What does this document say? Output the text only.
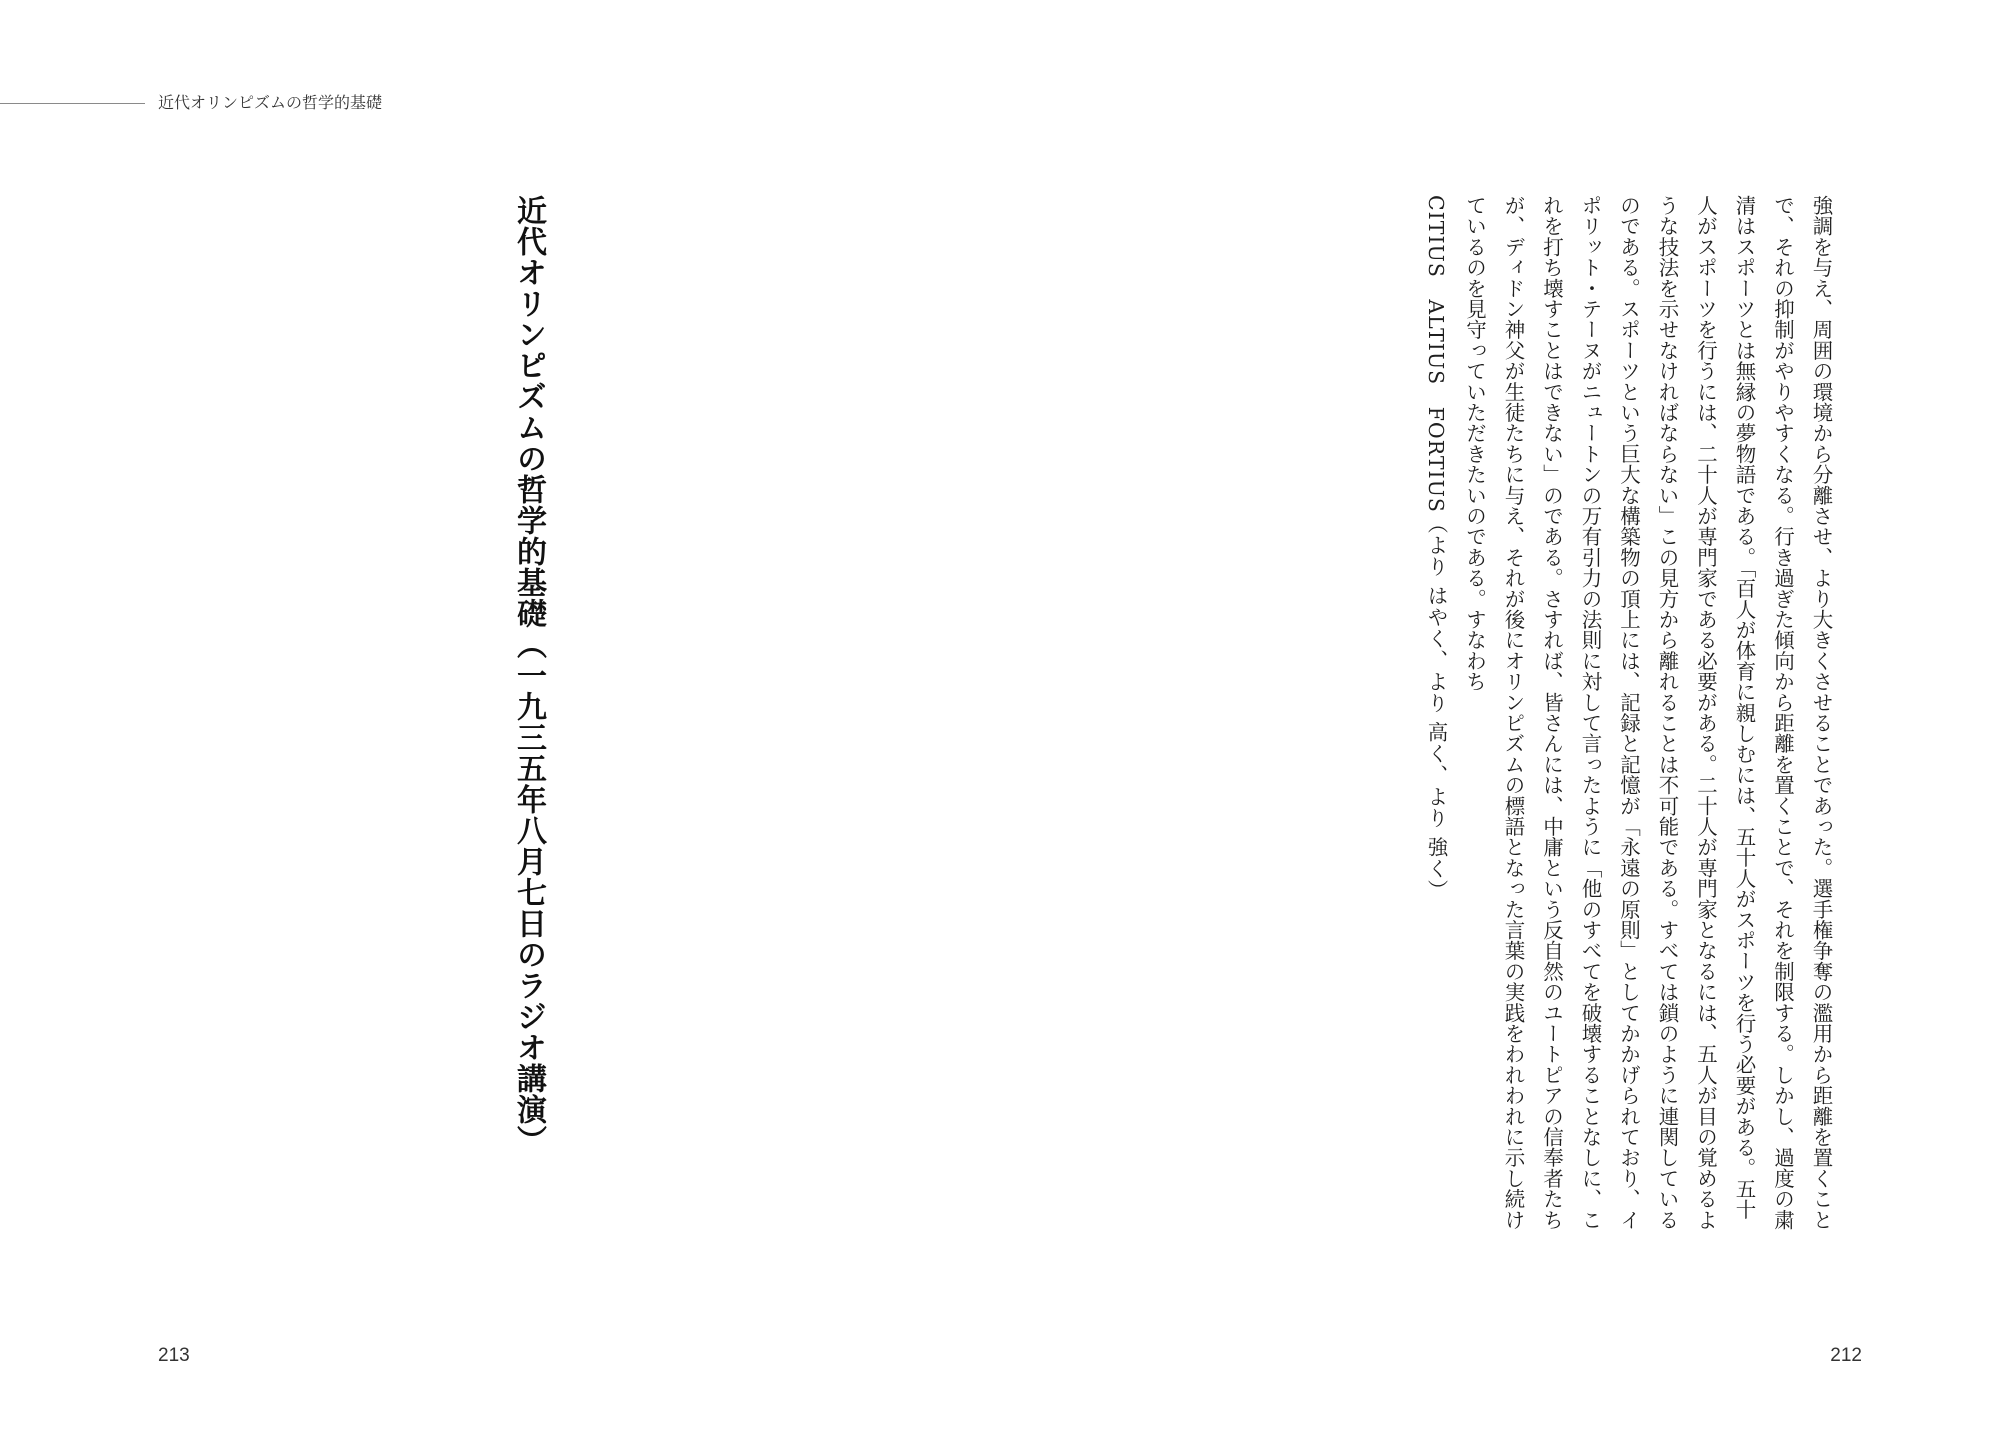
近代オリンピズムの哲学的基礎
近代オリンピズムの哲学的基礎（一九三五年八月七日のラジオ講演）	強調を与え、周囲の環境から分離させ、より大きくさせることであった。選手権争奪の濫用から距離を置くこと
で、それの抑制がやりやすくなる。行き過ぎた傾向から距離を置くことで、それを制限する。しかし、過度の粛
清はスポーツとは無縁の夢物語である。「百人が体育に親しむには、五十人がスポーツを行う必要がある。五十
人がスポーツを行うには、二十人が専門家である必要がある。二十人が専門家となるには、五人が目の覚めるよ
うな技法を示せなければならない」この見方から離れることは不可能である。すべては鎖のように連関している
のである。スポーツという巨大な構築物の頂上には、記録と記憶が「永遠の原則」としてかかげられており、イ
ポリット・テーヌがニュートンの万有引力の法則に対して言ったように「他のすべてを破壊することなしに、こ
れを打ち壊すことはできない」のである。さすれば、皆さんには、中庸という反自然のユートピアの信奉者たち
が、ディドン神父が生徒たちに与え、それが後にオリンピズムの標語となった言葉の実践をわれわれに示し続け
ているのを見守っていただきたいのである。すなわち
CITIUS　ALTIUS　FORTIUS（より はやく、より 高く、より 強く）
213	212
